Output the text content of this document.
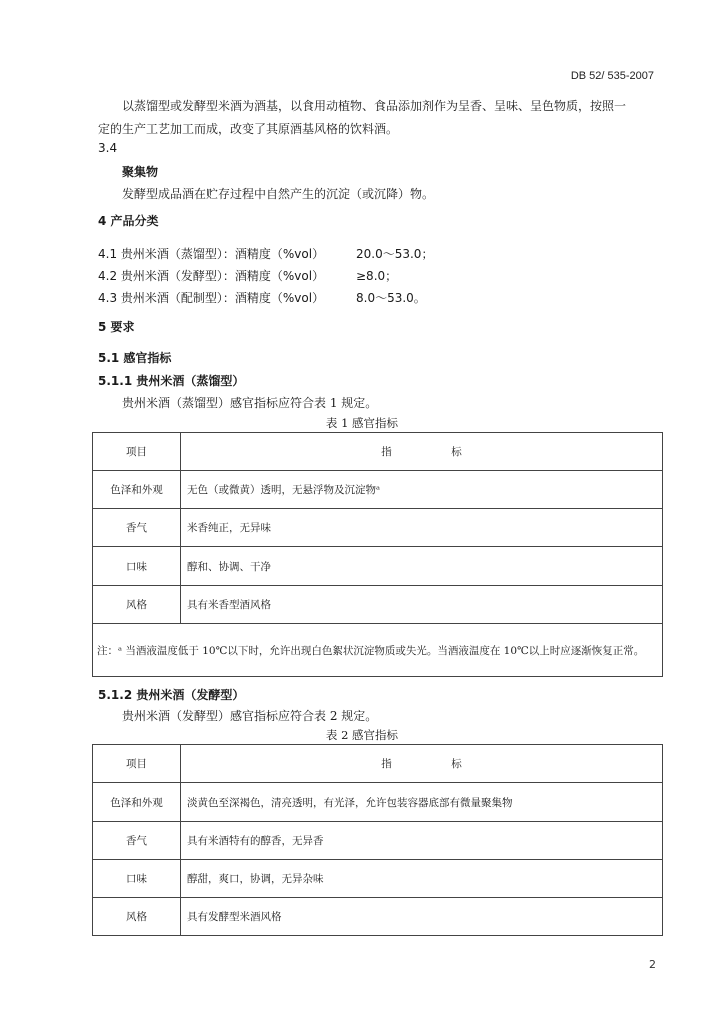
DB 52/ 535-2007
以蒸馏型或发酵型米酒为酒基，以食用动植物、食品添加剂作为呈香、呈味、呈色物质，按照一
定的生产工艺加工而成，改变了其原酒基风格的饮料酒。
3.4
聚集物
发酵型成品酒在贮存过程中自然产生的沉淀（或沉降）物。
4 产品分类
4.1 贵州米酒（蒸馏型）：酒精度（%vol）	20.0～53.0；
4.2 贵州米酒（发酵型）：酒精度（%vol）	≥8.0；
4.3 贵州米酒（配制型）：酒精度（%vol）	8.0～53.0。
5 要求
5.1 感官指标
5.1.1 贵州米酒（蒸馏型）
贵州米酒（蒸馏型）感官指标应符合表 1 规定。
表 1 感官指标
项目	指 标
色泽和外观	无色（或微黄）透明，无悬浮物及沉淀物ᵃ
香气	米香纯正，无异味
口味	醇和、协调、干净
风格	具有米香型酒风格
注：ᵃ 当酒液温度低于 10℃以下时，允许出现白色絮状沉淀物质或失光。当酒液温度在 10℃以上时应逐渐恢复正常。	
5.1.2 贵州米酒（发酵型）
贵州米酒（发酵型）感官指标应符合表 2 规定。
表 2 感官指标
项目	指 标
色泽和外观	淡黄色至深褐色，清亮透明，有光泽，允许包装容器底部有微量聚集物
香气	具有米酒特有的醇香，无异香
口味	醇甜，爽口，协调，无异杂味
风格	具有发酵型米酒风格
2
